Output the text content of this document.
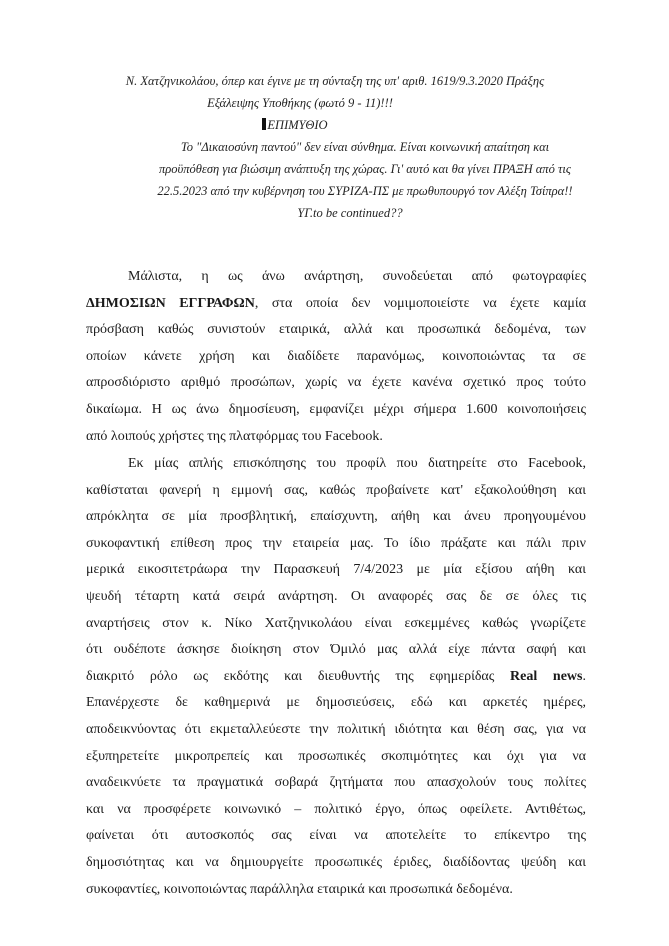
Ν. Χατζηνικολάου, όπερ και έγινε με τη σύνταξη της υπ' αριθ. 1619/9.3.2020 Πράξης
Εξάλειψης Υποθήκης (φωτό 9 - 11)!!!
ΕΠΙΜΥΘΙΟ
Το "Δικαιοσύνη παντού" δεν είναι σύνθημα. Είναι κοινωνική απαίτηση και
προϋπόθεση για βιώσιμη ανάπτυξη της χώρας. Γι' αυτό και θα γίνει ΠΡΑΞΗ από τις
22.5.2023 από την κυβέρνηση του ΣΥΡΙΖΑ-ΠΣ με πρωθυπουργό τον Αλέξη Τσίπρα!!
ΥΓ.to be continued??
Μάλιστα, η ως άνω ανάρτηση, συνοδεύεται από φωτογραφίες
ΔΗΜΟΣΙΩΝ ΕΓΓΡΑΦΩΝ, στα οποία δεν νομιμοποιείστε να έχετε καμία
πρόσβαση καθώς συνιστούν εταιρικά, αλλά και προσωπικά δεδομένα, των
οποίων κάνετε χρήση και διαδίδετε παρανόμως, κοινοποιώντας τα σε
απροσδιόριστο αριθμό προσώπων, χωρίς να έχετε κανένα σχετικό προς τούτο
δικαίωμα. Η ως άνω δημοσίευση, εμφανίζει μέχρι σήμερα 1.600 κοινοποιήσεις
από λοιπούς χρήστες της πλατφόρμας του Facebook.
Εκ μίας απλής επισκόπησης του προφίλ που διατηρείτε στο Facebook,
καθίσταται φανερή η εμμονή σας, καθώς προβαίνετε κατ' εξακολούθηση και
απρόκλητα σε μία προσβλητική, επαίσχυντη, αήθη και άνευ προηγουμένου
συκοφαντική επίθεση προς την εταιρεία μας. Το ίδιο πράξατε και πάλι πριν
μερικά εικοσιτετράωρα την Παρασκευή 7/4/2023 με μία εξίσου αήθη και
ψευδή τέταρτη κατά σειρά ανάρτηση. Οι αναφορές σας δε σε όλες τις
αναρτήσεις στον κ. Νίκο Χατζηνικολάου είναι εσκεμμένες καθώς γνωρίζετε
ότι ουδέποτε άσκησε διοίκηση στον Όμιλό μας αλλά είχε πάντα σαφή και
διακριτό ρόλο ως εκδότης και διευθυντής της εφημερίδας Real news.
Επανέρχεστε δε καθημερινά με δημοσιεύσεις, εδώ και αρκετές ημέρες,
αποδεικνύοντας ότι εκμεταλλεύεστε την πολιτική ιδιότητα και θέση σας, για να
εξυπηρετείτε μικροπρεπείς και προσωπικές σκοπιμότητες και όχι για να
αναδεικνύετε τα πραγματικά σοβαρά ζητήματα που απασχολούν τους πολίτες
και να προσφέρετε κοινωνικό – πολιτικό έργο, όπως οφείλετε. Αντιθέτως,
φαίνεται ότι αυτοσκοπός σας είναι να αποτελείτε το επίκεντρο της
δημοσιότητας και να δημιουργείτε προσωπικές έριδες, διαδίδοντας ψεύδη και
συκοφαντίες, κοινοποιώντας παράλληλα εταιρικά και προσωπικά δεδομένα.
